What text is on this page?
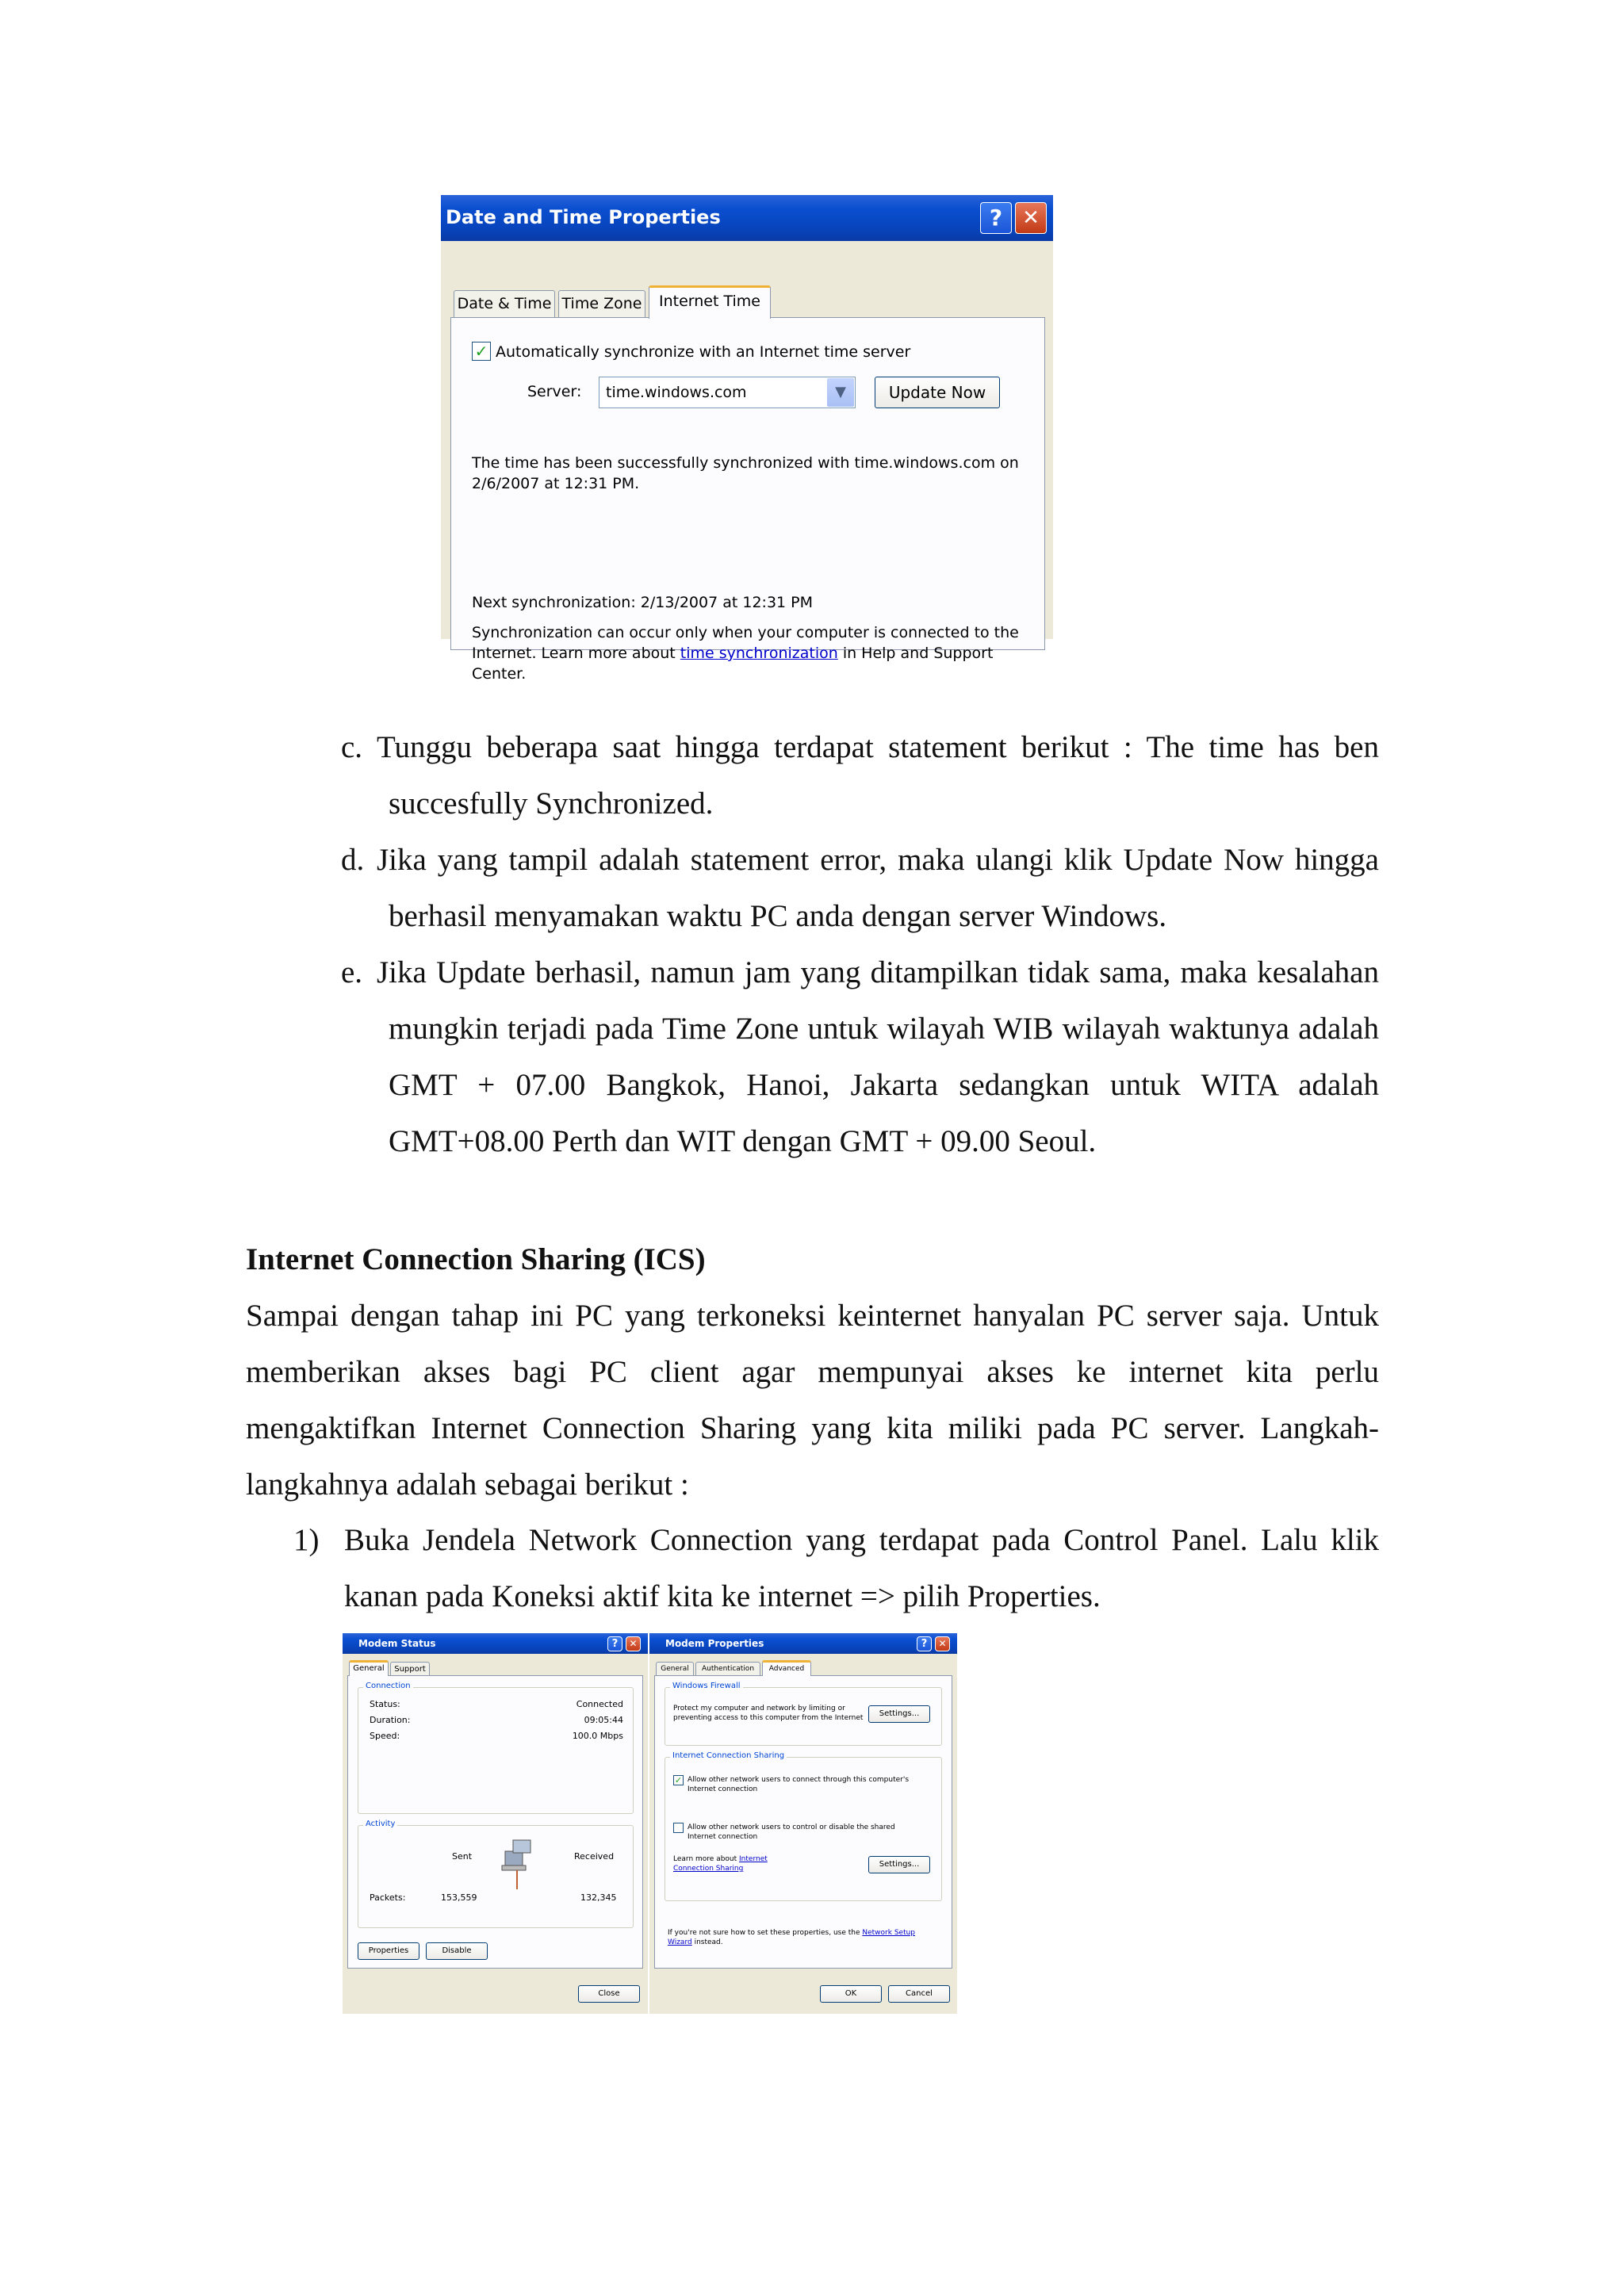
Date and Time Properties	? ✕
Date & Time Time Zone	Internet Time
✓ Automatically synchronize with an Internet time server
Server: time.windows.com	▼	Update Now
The time has been successfully synchronized with time.windows.com on 2/6/2007 at 12:31 PM.
Next synchronization: 2/13/2007 at 12:31 PM
Synchronization can occur only when your computer is connected to the Internet. Learn more about time synchronization in Help and Support Center.
c. Tunggu beberapa saat hingga terdapat statement berikut : The time has ben succesfully Synchronized.

d. Jika yang tampil adalah statement error, maka ulangi klik Update Now hingga berhasil menyamakan waktu PC anda dengan server Windows.

e. Jika Update berhasil, namun jam yang ditampilkan tidak sama, maka kesalahan mungkin terjadi pada Time Zone untuk wilayah WIB wilayah waktunya adalah GMT + 07.00 Bangkok, Hanoi, Jakarta sedangkan untuk WITA adalah GMT+08.00 Perth dan WIT dengan GMT + 09.00 Seoul.

Internet Connection Sharing (ICS)

Sampai dengan tahap ini PC yang terkoneksi keinternet hanyalan PC server saja. Untuk memberikan akses bagi PC client agar mempunyai akses ke internet kita perlu mengaktifkan Internet Connection Sharing yang kita miliki pada PC server. Langkah-langkahnya adalah sebagai berikut :

1) Buka Jendela Network Connection yang terdapat pada Control Panel. Lalu klik kanan pada Koneksi aktif kita ke internet => pilih Properties.

Modem Status	?	✕
General	Support
Connection
Status:	Connected
Duration:	09:05:44
Speed:	100.0 Mbps
Activity
Sent	Received
Packets:	153,559	132,345
Properties	Disable
Close
Modem Properties	?	✕
General	Authentication	Advanced
Windows Firewall
Protect my computer and network by limiting or preventing access to this computer from the Internet	Settings...
Internet Connection Sharing
✓ Allow other network users to connect through this computer's Internet connection
Allow other network users to control or disable the shared Internet connection
Learn more about Internet Connection Sharing	Settings...
If you're not sure how to set these properties, use the Network Setup Wizard instead.
OK	Cancel
